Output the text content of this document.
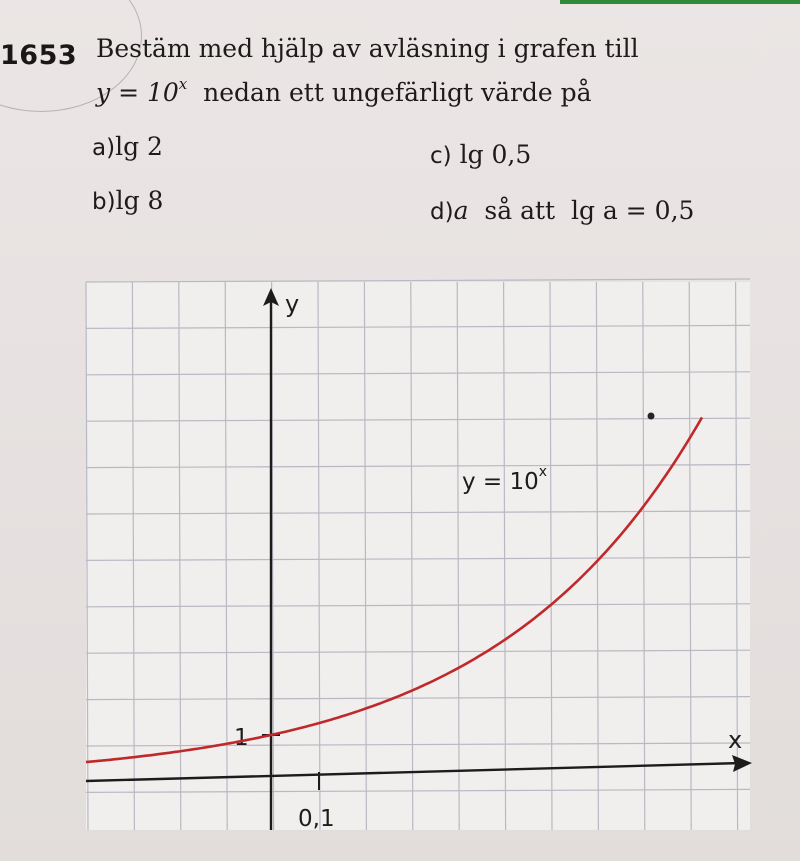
1653 Bestäm med hjälp av avläsning i grafen till
$y = 10^x$ nedan ett ungefärligt värde på
a)lg 2
b)lg 8
c) lg 0,5
d)a så att lg a = 0,5
y
x
1
0,1
$y = 10^x$
